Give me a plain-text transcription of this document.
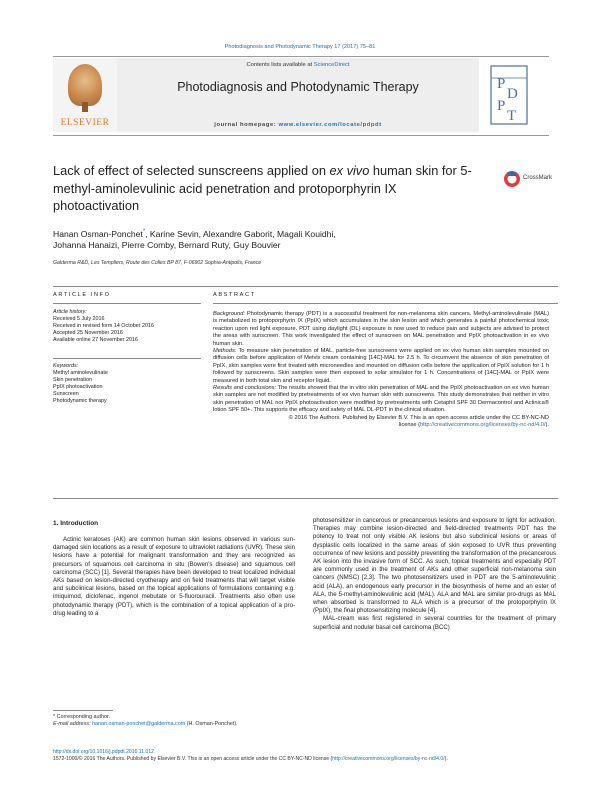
Photodiagnosis and Photodynamic Therapy 17 (2017) 75–81
ELSEVIER
Contents lists available at ScienceDirect
Photodiagnosis and Photodynamic Therapy
journal homepage: www.elsevier.com/locate/pdpdt
P
D
P
T
Lack of effect of selected sunscreens applied on ex vivo human skin for 5-methyl-aminolevulinic acid penetration and protoporphyrin IX photoactivation
CrossMark
Hanan Osman-Ponchet*, Karine Sevin, Alexandre Gaborit, Magali Kouidhi,
Johanna Hanaizi, Pierre Comby, Bernard Ruty, Guy Bouvier
Galderma R&D, Les Templiers, Route des Colles BP 87, F-06902 Sophia-Antipolis, France
ARTICLE INFO
Article history:
Received 5 July 2016
Received in revised form 14 October 2016
Accepted 25 November 2016
Available online 27 November 2016
Keywords:
Methyl aminolevulinate
Skin penetration
PpIX photoactivation
Sunscreen
Photodynamic therapy
ABSTRACT

Background: Photodynamic therapy (PDT) is a successful treatment for non-melanoma skin cancers. Methyl-aminolevulinate (MAL) is metabolized to protoporphyrin IX (PpIX) which accumulates in the skin lesion and which generates a painful photochemical toxic reaction upon red light exposure. PDT using daylight (DL) exposure is now used to reduce pain and subjects are advised to protect the areas with sunscreen. This work investigated the effect of sunscreen on MAL penetration and PpIX photoactivation in ex vivo human skin.

Methods: To measure skin penetration of MAL, particle-free sunscreens were applied on ex vivo human skin samples mounted on diffusion cells before application of Metvix cream containing [14C]-MAL for 2.5 h. To circumvent the absence of skin penetration of PpIX, skin samples were first treated with microneedles and mounted on diffusion cells before the application of PpIX solution for 1 h followed by sunscreens. Skin samples were then exposed to solar simulator for 1 h. Concentrations of [14C]-MAL or PpIX were measured in both total skin and receptor liquid.

Results and conclusions: The results showed that the in vitro skin penetration of MAL and the PpIX photoactivation on ex vivo human skin samples are not modified by pretreatments of ex vivo human skin with sunscreens. This study demonstrates that neither in vitro skin penetration of MAL nor PpIX photoactivation were modified by pretreatments with Cetaphil SPF 30 Dermacontrol and Actinica® lotion SPF 50+. This supports the efficacy and safety of MAL DL-PDT in the clinical situation.

© 2016 The Authors. Published by Elsevier B.V. This is an open access article under the CC BY-NC-ND
license (http://creativecommons.org/licenses/by-nc-nd/4.0/).

1. Introduction

Actinic keratoses (AK) are common human skin lesions observed in various sun-damaged skin locations as a result of exposure to ultraviolet radiations (UVR). These skin lesions have a potential for malignant transformation and they are recognized as precursors of squamous cell carcinoma in situ (Bowen's disease) and squamous cell carcinoma (SCC) [1]. Several therapies have been developed to treat localized individual AKs based on lesion-directed cryotherapy and on field treatments that will target visible and subclinical lesions, based on the topical applications of formulations containing e.g. imiquimod, diclofenac, ingenol mebutate or 5-fluorouracil. Treatments also often use photodynamic therapy (PDT), which is the combination of a topical application of a pro-drug leading to a

photosensitizer in cancerous or precancerous lesions and exposure to light for activation. Therapies may combine lesion-directed and field-directed treatments PDT has the potency to treat not only visible AK lesions but also subclinical lesions or areas of dysplastic cells localized in the same areas of skin exposed to UVR thus preventing occurrence of new lesions and possibly preventing the transformation of the precancerous AK lesion into the invasive form of SCC. As such, topical treatments and especially PDT are commonly used in the treatment of AKs and other superficial non-melanoma skin cancers (NMSC) [2,3]. The two photosensitizers used in PDT are the 5-aminolevulinic acid (ALA), an endogenous early precursor in the biosynthesis of heme and an ester of ALA, the 5-methyl-aminolevulinic acid (MAL). ALA and MAL are similar pro-drugs as MAL when absorbed is transformed to ALA which is a precursor of the protoporphyrin IX (PpIX), the final photosensitizing molecule [4].

MAL-cream was first registered in several countries for the treatment of primary superficial and nodular basal cell carcinoma (BCC)

* Corresponding author.
E-mail address: hanan.osman-ponchet@galderma.com (H. Osman-Ponchet).
http://dx.doi.org/10.1016/j.pdpdt.2016.11.012
1572-1000/© 2016 The Authors. Published by Elsevier B.V. This is an open access article under the CC BY-NC-ND license (http://creativecommons.org/licenses/by-nc-nd/4.0/).
